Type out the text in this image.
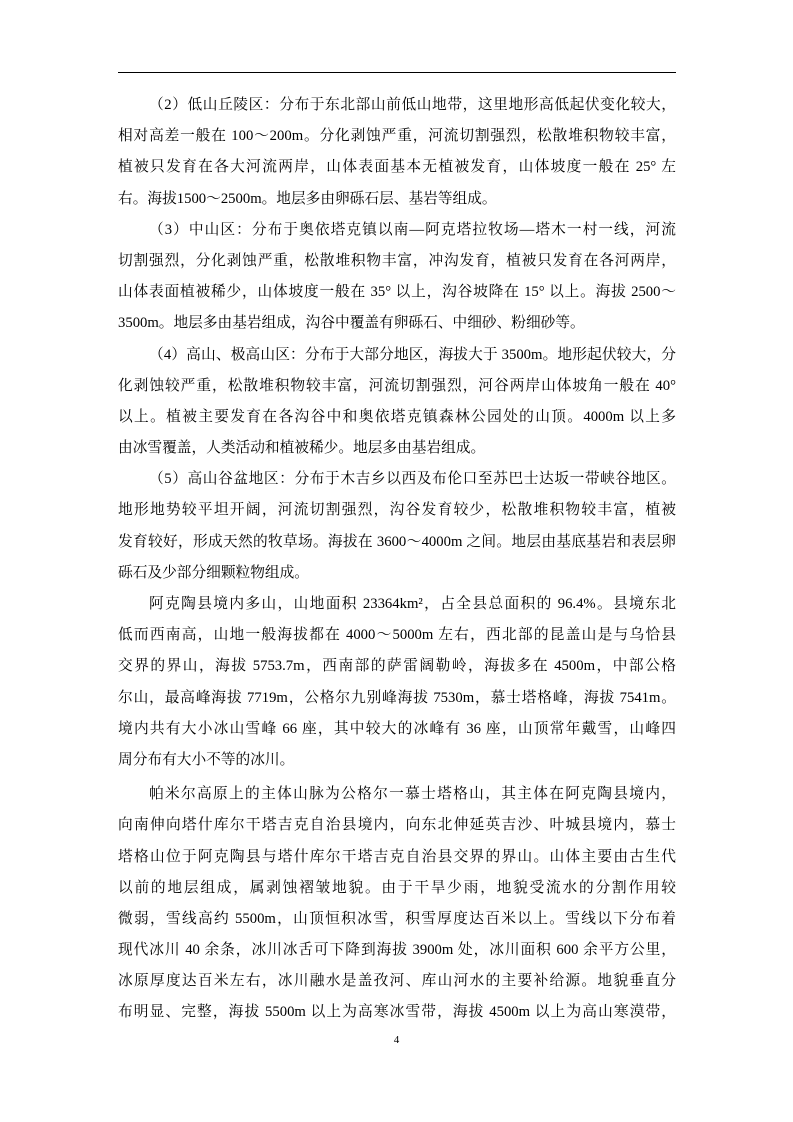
（2）低山丘陵区：分布于东北部山前低山地带，这里地形高低起伏变化较大，
相对高差一般在 100～200m。分化剥蚀严重，河流切割强烈，松散堆积物较丰富，
植被只发育在各大河流两岸，山体表面基本无植被发育，山体坡度一般在 25° 左
右。海拔1500～2500m。地层多由卵砾石层、基岩等组成。
（3）中山区：分布于奥依塔克镇以南—阿克塔拉牧场—塔木一村一线，河流
切割强烈，分化剥蚀严重，松散堆积物丰富，冲沟发育，植被只发育在各河两岸，
山体表面植被稀少，山体坡度一般在 35° 以上，沟谷坡降在 15° 以上。海拔 2500～
3500m。地层多由基岩组成，沟谷中覆盖有卵砾石、中细砂、粉细砂等。
（4）高山、极高山区：分布于大部分地区，海拔大于 3500m。地形起伏较大，分
化剥蚀较严重，松散堆积物较丰富，河流切割强烈，河谷两岸山体坡角一般在 40°
以上。植被主要发育在各沟谷中和奥依塔克镇森林公园处的山顶。4000m 以上多
由冰雪覆盖，人类活动和植被稀少。地层多由基岩组成。
（5）高山谷盆地区：分布于木吉乡以西及布伦口至苏巴士达坂一带峡谷地区。
地形地势较平坦开阔，河流切割强烈，沟谷发育较少，松散堆积物较丰富，植被
发育较好，形成天然的牧草场。海拔在 3600～4000m 之间。地层由基底基岩和表层卵
砾石及少部分细颗粒物组成。
阿克陶县境内多山，山地面积 23364km²，占全县总面积的 96.4%。县境东北
低而西南高，山地一般海拔都在 4000～5000m 左右，西北部的昆盖山是与乌恰县
交界的界山，海拔 5753.7m，西南部的萨雷阔勒岭，海拔多在 4500m，中部公格
尔山，最高峰海拔 7719m，公格尔九别峰海拔 7530m，慕士塔格峰，海拔 7541m。
境内共有大小冰山雪峰 66 座，其中较大的冰峰有 36 座，山顶常年戴雪，山峰四
周分布有大小不等的冰川。
帕米尔高原上的主体山脉为公格尔一慕士塔格山，其主体在阿克陶县境内，
向南伸向塔什库尔干塔吉克自治县境内，向东北伸延英吉沙、叶城县境内，慕士
塔格山位于阿克陶县与塔什库尔干塔吉克自治县交界的界山。山体主要由古生代
以前的地层组成，属剥蚀褶皱地貌。由于干旱少雨，地貌受流水的分割作用较
微弱，雪线高约 5500m，山顶恒积冰雪，积雪厚度达百米以上。雪线以下分布着
现代冰川 40 余条，冰川冰舌可下降到海拔 3900m 处，冰川面积 600 余平方公里，
冰原厚度达百米左右，冰川融水是盖孜河、库山河水的主要补给源。地貌垂直分
布明显、完整，海拔 5500m 以上为高寒冰雪带，海拔 4500m 以上为高山寒漠带，
4
